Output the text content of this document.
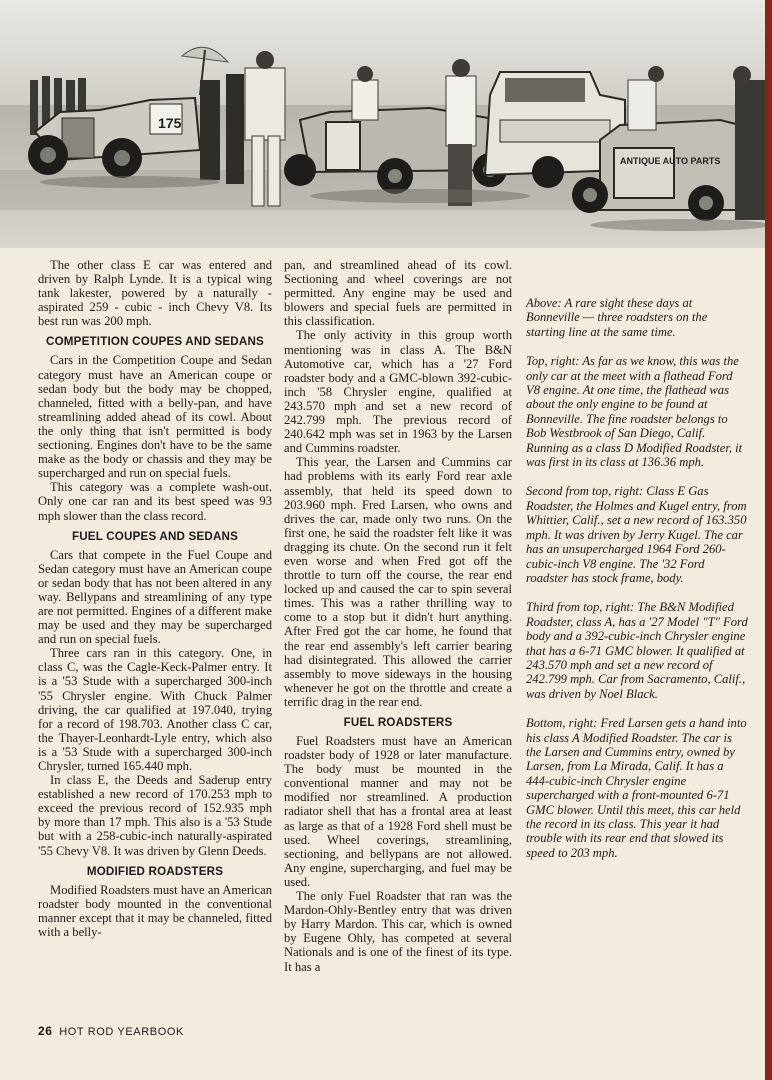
175
ANTIQUE AUTO PARTS

The other class E car was entered and driven by Ralph Lynde. It is a typical wing tank lakester, powered by a naturally - aspirated 259 - cubic - inch Chevy V8. Its best run was 200 mph.

COMPETITION COUPES AND SEDANS

Cars in the Competition Coupe and Sedan category must have an American coupe or sedan body but the body may be chopped, channeled, fitted with a belly-pan, and have streamlining added ahead of its cowl. About the only thing that isn't permitted is body sectioning. Engines don't have to be the same make as the body or chassis and they may be supercharged and run on special fuels.

This category was a complete wash-out. Only one car ran and its best speed was 93 mph slower than the class record.

FUEL COUPES AND SEDANS

Cars that compete in the Fuel Coupe and Sedan category must have an American coupe or sedan body that has not been altered in any way. Bellypans and streamlining of any type are not permitted. Engines of a different make may be used and they may be supercharged and run on special fuels.

Three cars ran in this category. One, in class C, was the Cagle-Keck-Palmer entry. It is a '53 Stude with a supercharged 300-inch '55 Chrysler engine. With Chuck Palmer driving, the car qualified at 197.040, trying for a record of 198.703. Another class C car, the Thayer-Leonhardt-Lyle entry, which also is a '53 Stude with a supercharged 300-inch Chrysler, turned 165.440 mph.

In class E, the Deeds and Saderup entry established a new record of 170.253 mph to exceed the previous record of 152.935 mph by more than 17 mph. This also is a '53 Stude but with a 258-cubic-inch naturally-aspirated '55 Chevy V8. It was driven by Glenn Deeds.

MODIFIED ROADSTERS

Modified Roadsters must have an American roadster body mounted in the conventional manner except that it may be channeled, fitted with a belly-

pan, and streamlined ahead of its cowl. Sectioning and wheel coverings are not permitted. Any engine may be used and blowers and special fuels are permitted in this classification.

The only activity in this group worth mentioning was in class A. The B&N Automotive car, which has a '27 Ford roadster body and a GMC-blown 392-cubic-inch '58 Chrysler engine, qualified at 243.570 mph and set a new record of 242.799 mph. The previous record of 240.642 mph was set in 1963 by the Larsen and Cummins roadster.

This year, the Larsen and Cummins car had problems with its early Ford rear axle assembly, that held its speed down to 203.960 mph. Fred Larsen, who owns and drives the car, made only two runs. On the first one, he said the roadster felt like it was dragging its chute. On the second run it felt even worse and when Fred got off the throttle to turn off the course, the rear end locked up and caused the car to spin several times. This was a rather thrilling way to come to a stop but it didn't hurt anything. After Fred got the car home, he found that the rear end assembly's left carrier bearing had disintegrated. This allowed the carrier assembly to move sideways in the housing whenever he got on the throttle and create a terrific drag in the rear end.

FUEL ROADSTERS

Fuel Roadsters must have an American roadster body of 1928 or later manufacture. The body must be mounted in the conventional manner and may not be modified nor streamlined. A production radiator shell that has a frontal area at least as large as that of a 1928 Ford shell must be used. Wheel coverings, streamlining, sectioning, and bellypans are not allowed. Any engine, supercharging, and fuel may be used.

The only Fuel Roadster that ran was the Mardon-Ohly-Bentley entry that was driven by Harry Mardon. This car, which is owned by Eugene Ohly, has competed at several Nationals and is one of the finest of its type. It has a

Above: A rare sight these days at Bonneville — three roadsters on the starting line at the same time.

Top, right: As far as we know, this was the only car at the meet with a flathead Ford V8 engine. At one time, the flathead was about the only engine to be found at Bonneville. The fine roadster belongs to Bob Westbrook of San Diego, Calif. Running as a class D Modified Roadster, it was first in its class at 136.36 mph.

Second from top, right: Class E Gas Roadster, the Holmes and Kugel entry, from Whittier, Calif., set a new record of 163.350 mph. It was driven by Jerry Kugel. The car has an unsupercharged 1964 Ford 260-cubic-inch V8 engine. The '32 Ford roadster has stock frame, body.

Third from top, right: The B&N Modified Roadster, class A, has a '27 Model "T" Ford body and a 392-cubic-inch Chrysler engine that has a 6-71 GMC blower. It qualified at 243.570 mph and set a new record of 242.799 mph. Car from Sacramento, Calif., was driven by Noel Black.

Bottom, right: Fred Larsen gets a hand into his class A Modified Roadster. The car is the Larsen and Cummins entry, owned by Larsen, from La Mirada, Calif. It has a 444-cubic-inch Chrysler engine supercharged with a front-mounted 6-71 GMC blower. Until this meet, this car held the record in its class. This year it had trouble with its rear end that slowed its speed to 203 mph.

26 HOT ROD YEARBOOK
